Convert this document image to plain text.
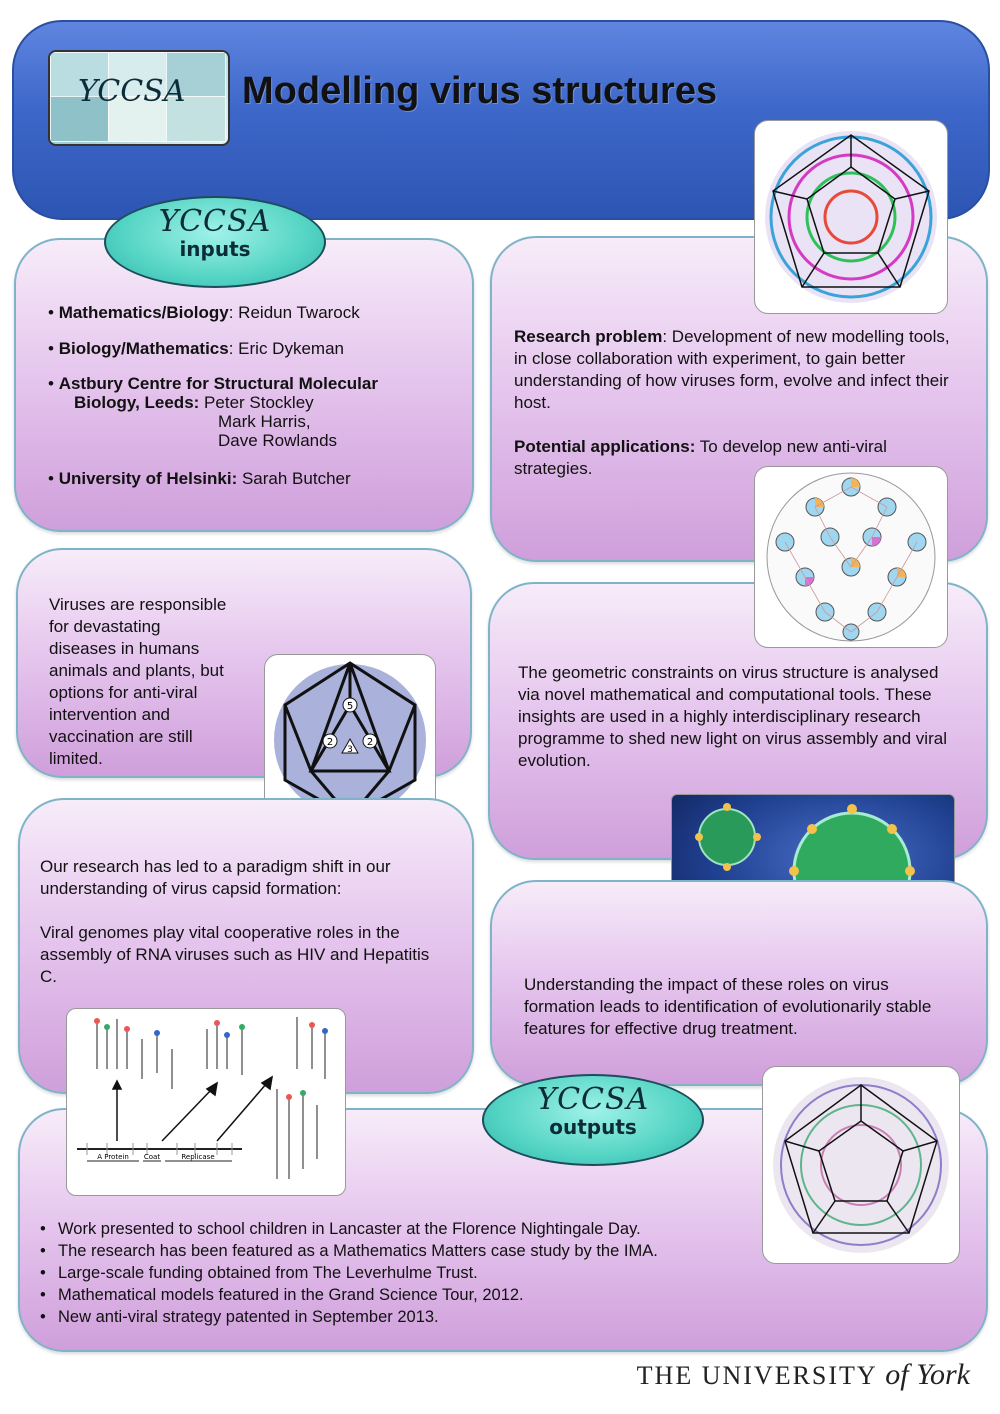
YCCSA Modelling virus structures
YCCSA
inputs
• Mathematics/Biology: Reidun Twarock
• Biology/Mathematics: Eric Dykeman
• Astbury Centre for Structural Molecular
Biology, Leeds: Peter Stockley
Mark Harris,
Dave Rowlands
• University of Helsinki: Sarah Butcher
Research problem: Development of new modelling tools, in close collaboration with experiment, to gain better understanding of how viruses form, evolve and infect their host.
Potential applications: To develop new anti-viral strategies.
Viruses are responsible for devastating diseases in humans animals and plants, but options for anti-viral intervention and vaccination are still limited.
5
2	2
3
The geometric constraints on virus structure is analysed via novel mathematical and computational tools. These insights are used in a highly interdisciplinary research programme to shed new light on virus assembly and viral evolution.
Our research has led to a paradigm shift in our understanding of virus capsid formation:
Viral genomes play vital cooperative roles in the assembly of RNA viruses such as HIV and Hepatitis C.	Understanding the impact of these roles on virus formation leads to identification of evolutionarily stable features for effective drug treatment.
YCCSA
outputs
A Protein Coat	Replicase
• Work presented to school children in Lancaster at the Florence Nightingale Day.
• The research has been featured as a Mathematics Matters case study by the IMA.
• Large-scale funding obtained from The Leverhulme Trust.
• Mathematical models featured in the Grand Science Tour, 2012.
• New anti-viral strategy patented in September 2013.
THE UNIVERSITY of York
